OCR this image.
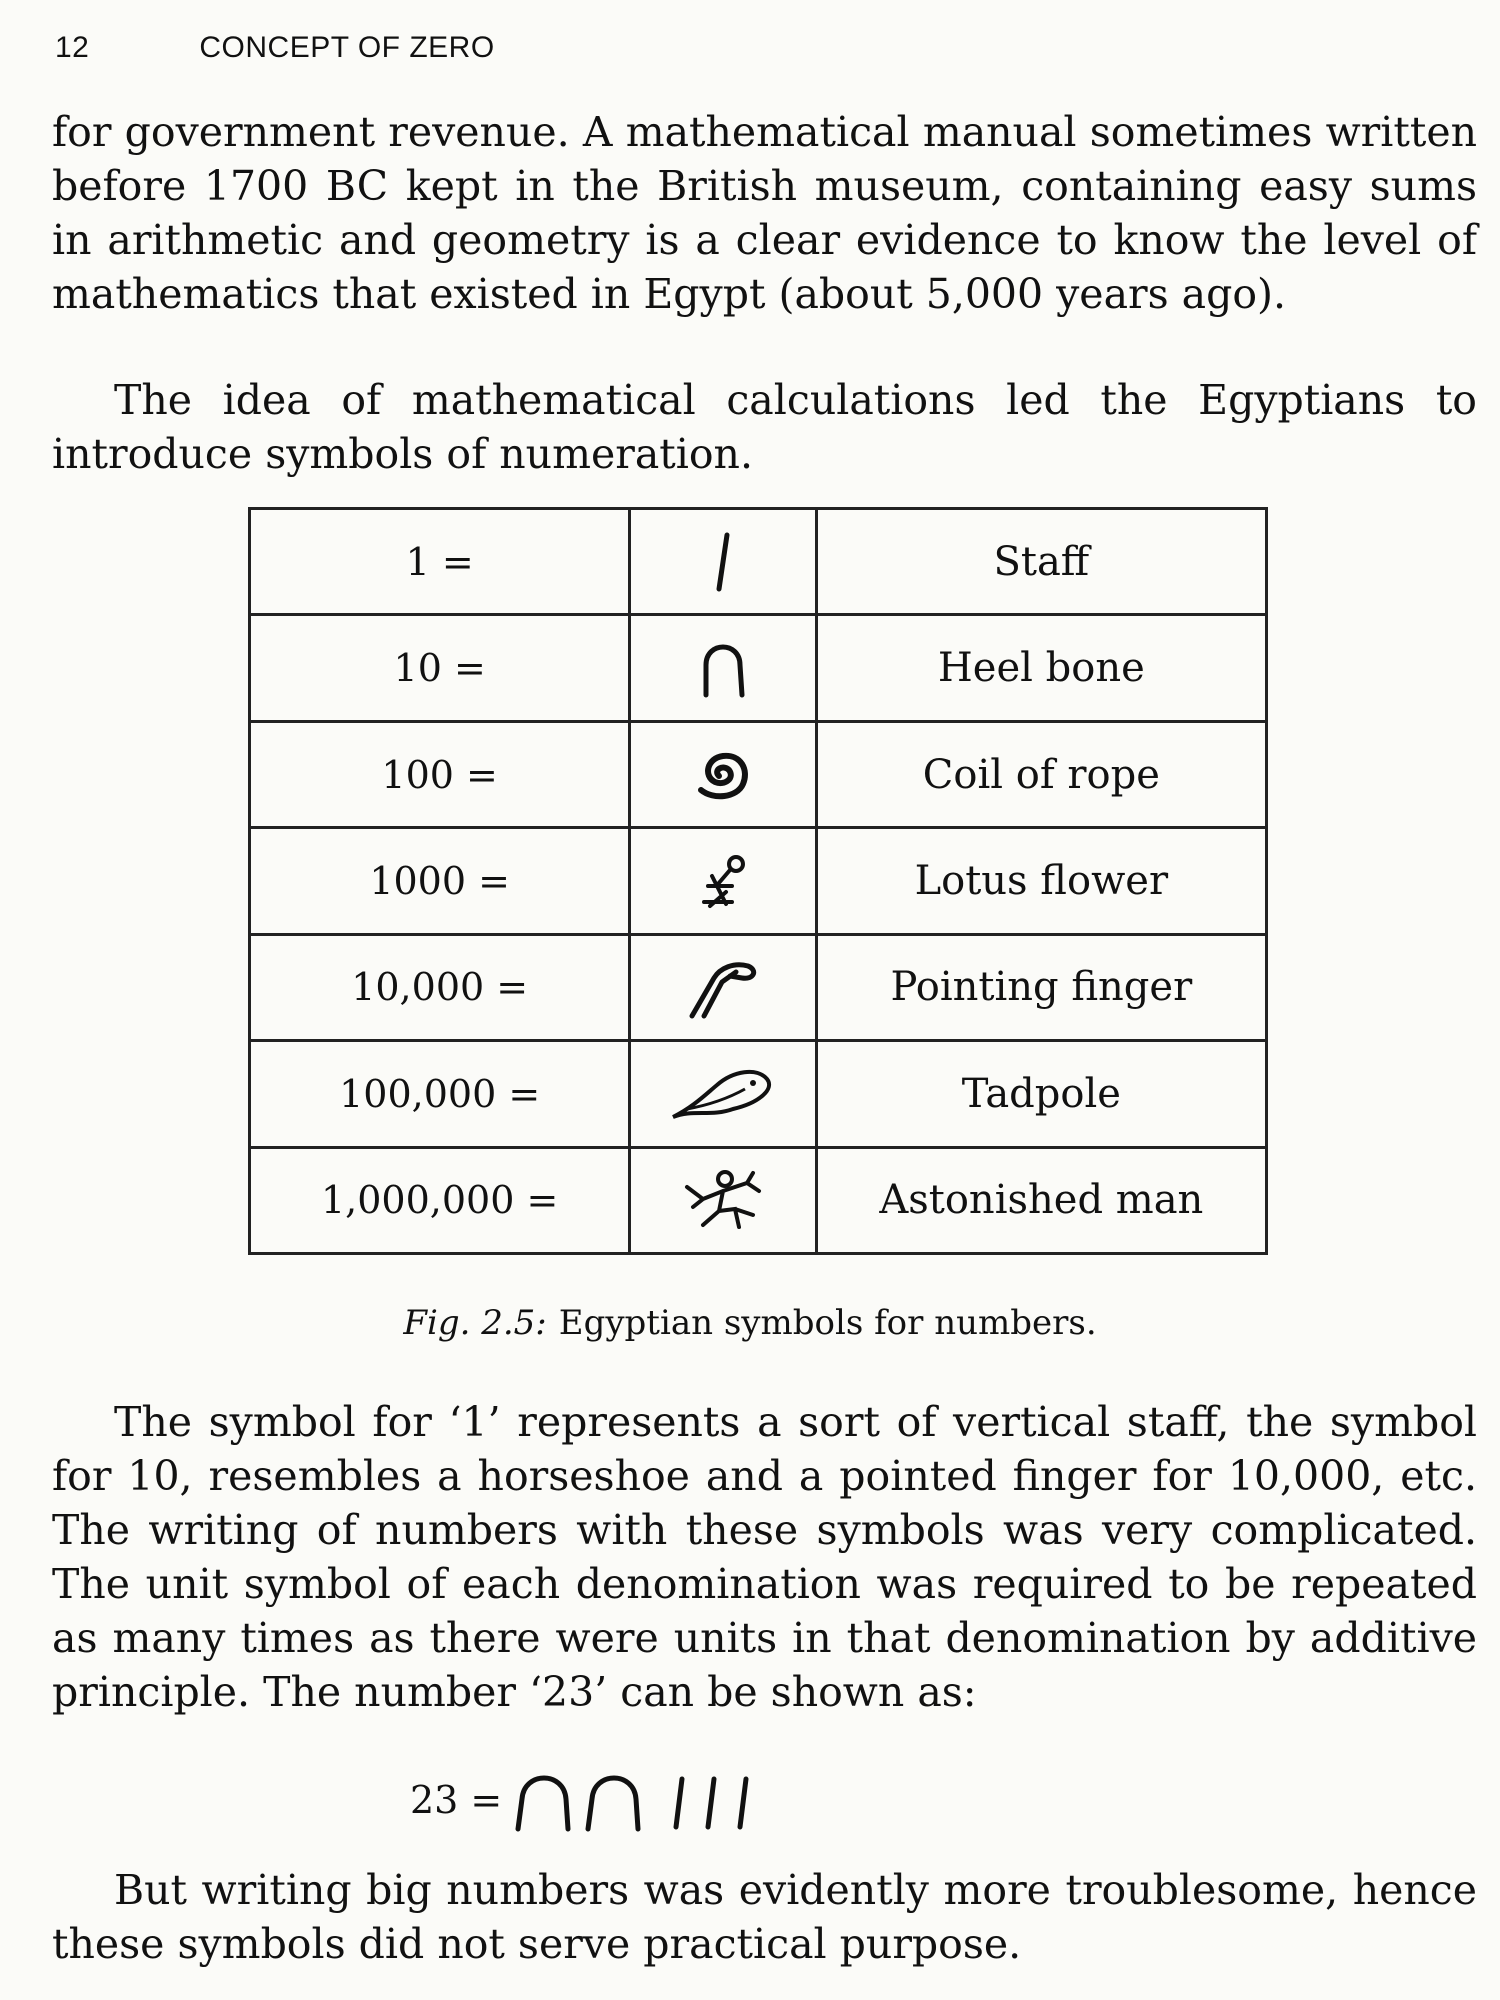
12	CONCEPT OF ZERO

for government revenue. A mathematical manual sometimes written before 1700 BC kept in the British museum, containing easy sums in arithmetic and geometry is a clear evidence to know the level of mathematics that existed in Egypt (about 5,000 years ago).

The idea of mathematical calculations led the Egyptians to introduce symbols of numeration.

1 =		Staff
10 =		Heel bone
100 =		Coil of rope
1000 =		Lotus flower
10,000 =		Pointing finger
100,000 =		Tadpole
1,000,000 =		Astonished man
Fig. 2.5: Egyptian symbols for numbers.

The symbol for ‘1’ represents a sort of vertical staff, the symbol for 10, resembles a horseshoe and a pointed finger for 10,000, etc. The writing of numbers with these symbols was very complicated. The unit symbol of each denomination was required to be repeated as many times as there were units in that denomination by additive principle. The number ‘23’ can be shown as:

23 =

But writing big numbers was evidently more troublesome, hence these symbols did not serve practical purpose.
